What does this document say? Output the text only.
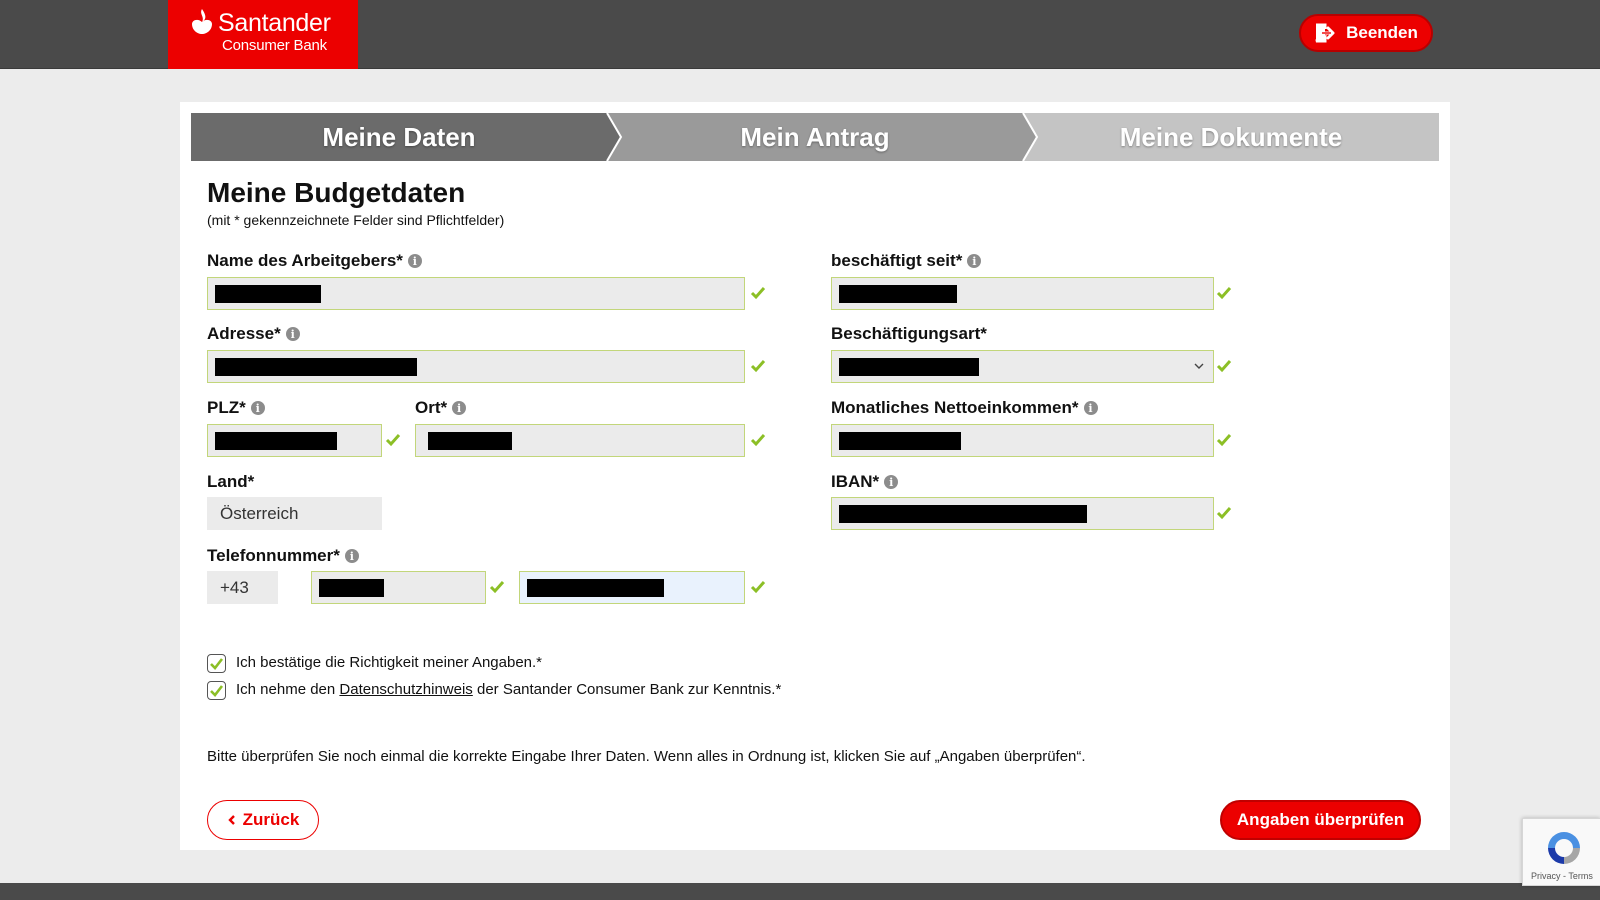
Santander
Consumer Bank
Beenden
Meine Daten	Mein Antrag	Meine Dokumente
Meine Budgetdaten
(mit * gekennzeichnete Felder sind Pflichtfelder)
Name des Arbeitgebers* i
Adresse* i
PLZ* i	Ort* i
Land*
Österreich
Telefonnummer* i
+43
beschäftigt seit* i
Beschäftigungsart*
Monatliches Nettoeinkommen* i
IBAN* i
Ich bestätige die Richtigkeit meiner Angaben.*
Ich nehme den Datenschutzhinweis der Santander Consumer Bank zur Kenntnis.*
Bitte überprüfen Sie noch einmal die korrekte Eingabe Ihrer Daten. Wenn alles in Ordnung ist, klicken Sie auf „Angaben überprüfen“.
Zurück	Angaben überprüfen
Privacy - Terms
